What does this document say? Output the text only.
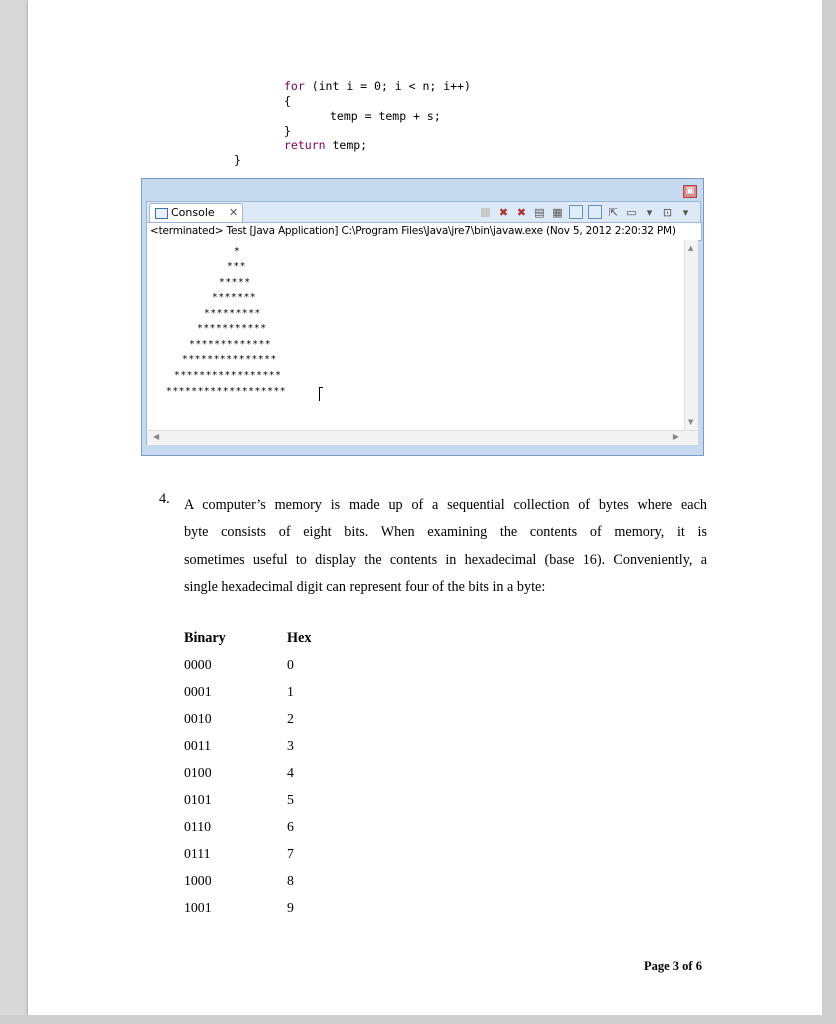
for (int i = 0; i < n; i++)
{
temp = temp + s;
}
return temp;
}
▣
Console ✕	✖ ✖ ▤ ▦	⇱ ▭ ▾ ⊡ ▾
<terminated> Test [Java Application] C:\Program Files\Java\jre7\bin\javaw.exe (Nov 5, 2012 2:20:32 PM)
▲
▼
◀	▶
*
***
*****
*******
*********
***********
*************
***************
*****************
*******************
4. A computer’s memory is made up of a sequential collection of bytes where each
byte consists of eight bits. When examining the contents of memory, it is
sometimes useful to display the contents in hexadecimal (base 16). Conveniently, a
single hexadecimal digit can represent four of the bits in a byte:
Binary	Hex
0000	0
0001	1
0010	2
0011	3
0100	4
0101	5
0110	6
0111	7
1000	8
1001	9
Page 3 of 6
